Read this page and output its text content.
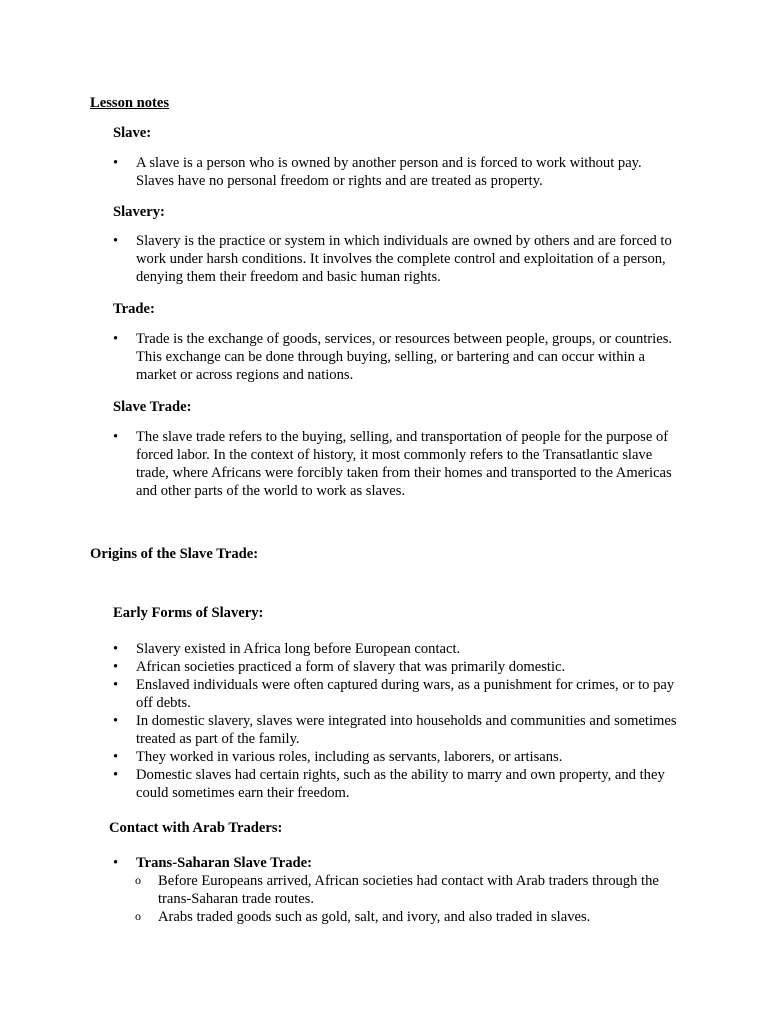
Lesson notes
Slave:
• A slave is a person who is owned by another person and is forced to work without pay. Slaves have no personal freedom or rights and are treated as property.
Slavery:
• Slavery is the practice or system in which individuals are owned by others and are forced to work under harsh conditions. It involves the complete control and exploitation of a person, denying them their freedom and basic human rights.
Trade:
• Trade is the exchange of goods, services, or resources between people, groups, or countries. This exchange can be done through buying, selling, or bartering and can occur within a market or across regions and nations.
Slave Trade:
• The slave trade refers to the buying, selling, and transportation of people for the purpose of forced labor. In the context of history, it most commonly refers to the Transatlantic slave trade, where Africans were forcibly taken from their homes and transported to the Americas and other parts of the world to work as slaves.
Origins of the Slave Trade:
Early Forms of Slavery:
• Slavery existed in Africa long before European contact.
• African societies practiced a form of slavery that was primarily domestic.
• Enslaved individuals were often captured during wars, as a punishment for crimes, or to pay off debts.
• In domestic slavery, slaves were integrated into households and communities and sometimes treated as part of the family.
• They worked in various roles, including as servants, laborers, or artisans.
• Domestic slaves had certain rights, such as the ability to marry and own property, and they could sometimes earn their freedom.
Contact with Arab Traders:
• Trans-Saharan Slave Trade:
o Before Europeans arrived, African societies had contact with Arab traders through the trans-Saharan trade routes.
o Arabs traded goods such as gold, salt, and ivory, and also traded in slaves.
